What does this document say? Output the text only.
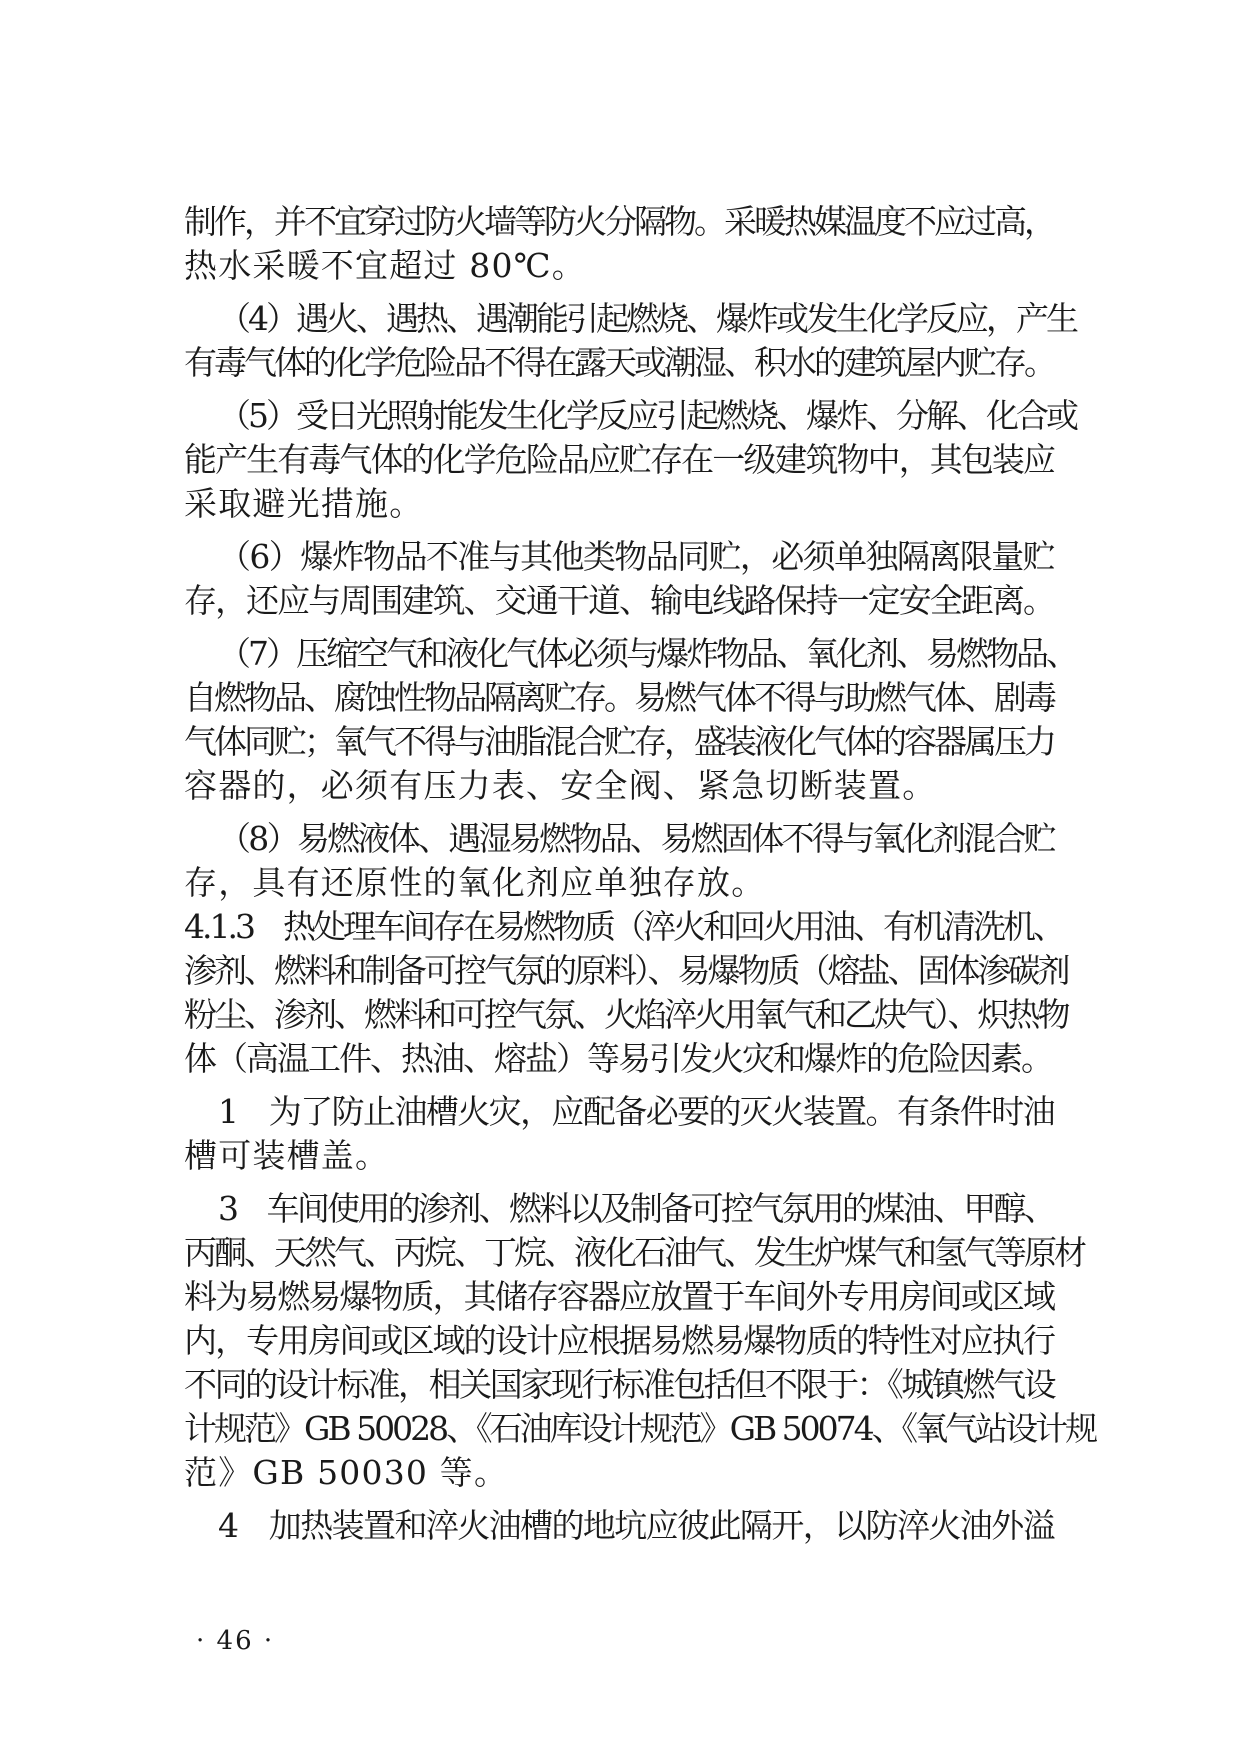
制作，并不宜穿过防火墙等防火分隔物。采暖热媒温度不应过高，
热水采暖不宜超过 80℃。
（4）遇火、遇热、遇潮能引起燃烧、爆炸或发生化学反应，产生
有毒气体的化学危险品不得在露天或潮湿、积水的建筑屋内贮存。
（5）受日光照射能发生化学反应引起燃烧、爆炸、分解、化合或
能产生有毒气体的化学危险品应贮存在一级建筑物中，其包装应
采取避光措施。
（6）爆炸物品不准与其他类物品同贮，必须单独隔离限量贮
存，还应与周围建筑、交通干道、输电线路保持一定安全距离。
（7）压缩空气和液化气体必须与爆炸物品、氧化剂、易燃物品、
自燃物品、腐蚀性物品隔离贮存。易燃气体不得与助燃气体、剧毒
气体同贮；氧气不得与油脂混合贮存，盛装液化气体的容器属压力
容器的，必须有压力表、安全阀、紧急切断装置。
（8）易燃液体、遇湿易燃物品、易燃固体不得与氧化剂混合贮
存，具有还原性的氧化剂应单独存放。
4.1.3　热处理车间存在易燃物质（淬火和回火用油、有机清洗机、
渗剂、燃料和制备可控气氛的原料）、易爆物质（熔盐、固体渗碳剂
粉尘、渗剂、燃料和可控气氛、火焰淬火用氧气和乙炔气）、炽热物
体（高温工件、热油、熔盐）等易引发火灾和爆炸的危险因素。
1　为了防止油槽火灾，应配备必要的灭火装置。有条件时油
槽可装槽盖。
3　车间使用的渗剂、燃料以及制备可控气氛用的煤油、甲醇、
丙酮、天然气、丙烷、丁烷、液化石油气、发生炉煤气和氢气等原材
料为易燃易爆物质，其储存容器应放置于车间外专用房间或区域
内，专用房间或区域的设计应根据易燃易爆物质的特性对应执行
不同的设计标准，相关国家现行标准包括但不限于：《城镇燃气设
计规范》GB 50028、《石油库设计规范》GB 50074、《氧气站设计规
范》GB 50030 等。
4　加热装置和淬火油槽的地坑应彼此隔开，以防淬火油外溢
· 46 ·
